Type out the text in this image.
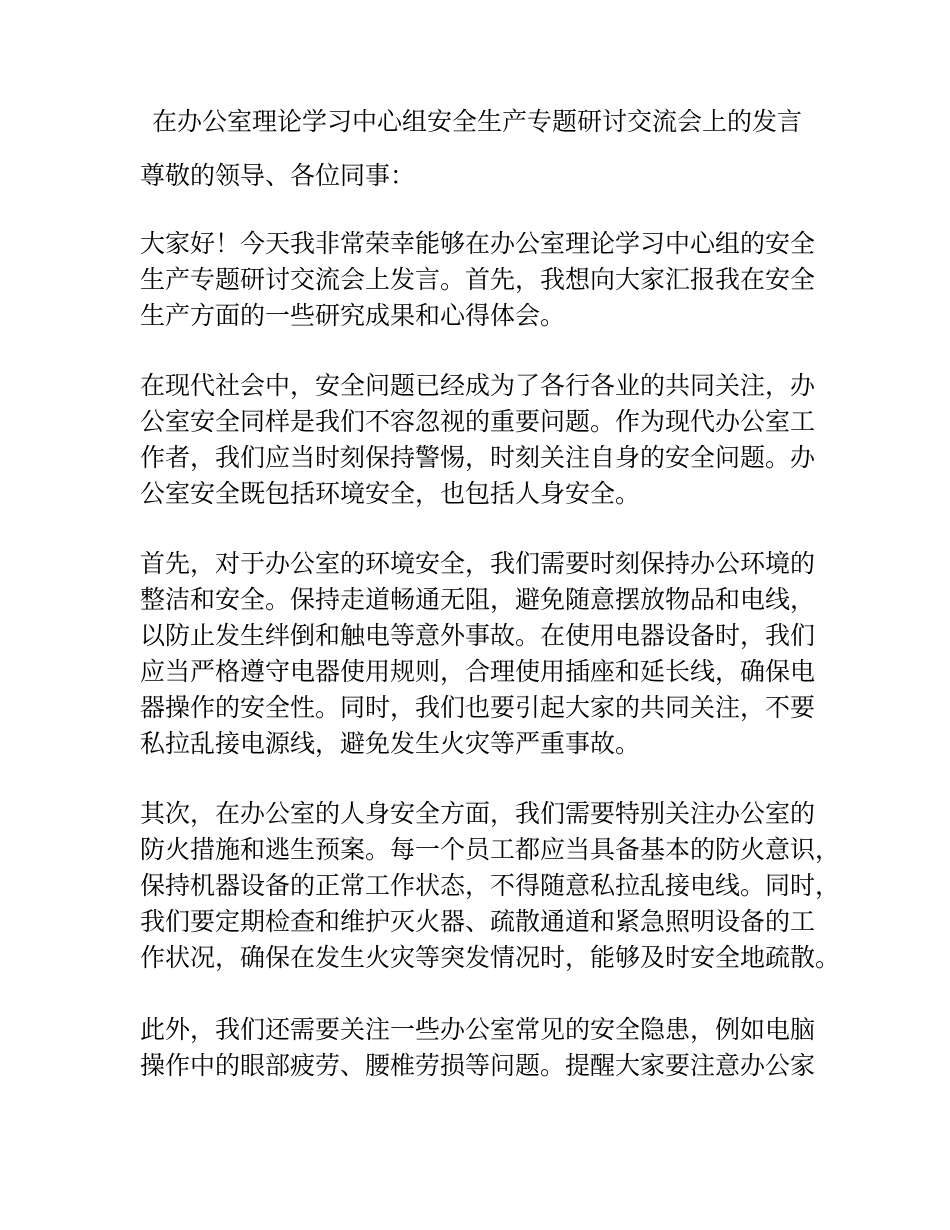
在办公室理论学习中心组安全生产专题研讨交流会上的发言
尊敬的领导、各位同事：
大家好！今天我非常荣幸能够在办公室理论学习中心组的安全
生产专题研讨交流会上发言。首先，我想向大家汇报我在安全
生产方面的一些研究成果和心得体会。
在现代社会中，安全问题已经成为了各行各业的共同关注，办
公室安全同样是我们不容忽视的重要问题。作为现代办公室工
作者，我们应当时刻保持警惕，时刻关注自身的安全问题。办
公室安全既包括环境安全，也包括人身安全。
首先，对于办公室的环境安全，我们需要时刻保持办公环境的
整洁和安全。保持走道畅通无阻，避免随意摆放物品和电线，
以防止发生绊倒和触电等意外事故。在使用电器设备时，我们
应当严格遵守电器使用规则，合理使用插座和延长线，确保电
器操作的安全性。同时，我们也要引起大家的共同关注，不要
私拉乱接电源线，避免发生火灾等严重事故。
其次，在办公室的人身安全方面，我们需要特别关注办公室的
防火措施和逃生预案。每一个员工都应当具备基本的防火意识，
保持机器设备的正常工作状态，不得随意私拉乱接电线。同时，
我们要定期检查和维护灭火器、疏散通道和紧急照明设备的工
作状况，确保在发生火灾等突发情况时，能够及时安全地疏散。
此外，我们还需要关注一些办公室常见的安全隐患，例如电脑
操作中的眼部疲劳、腰椎劳损等问题。提醒大家要注意办公家
